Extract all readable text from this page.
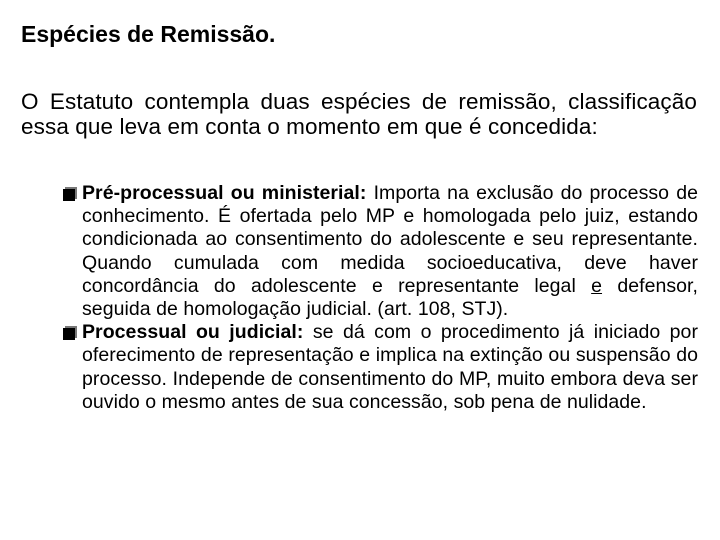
Espécies de Remissão.
O Estatuto contempla duas espécies de remissão, classificação essa que leva em conta o momento em que é concedida:
Pré-processual ou ministerial: Importa na exclusão do processo de conhecimento. É ofertada pelo MP e homologada pelo juiz, estando condicionada ao consentimento do adolescente e seu representante. Quando cumulada com medida socioeducativa, deve haver concordância do adolescente e representante legal e defensor, seguida de homologação judicial. (art. 108, STJ).
Processual ou judicial: se dá com o procedimento já iniciado por oferecimento de representação e implica na extinção ou suspensão do processo. Independe de consentimento do MP, muito embora deva ser ouvido o mesmo antes de sua concessão, sob pena de nulidade.
